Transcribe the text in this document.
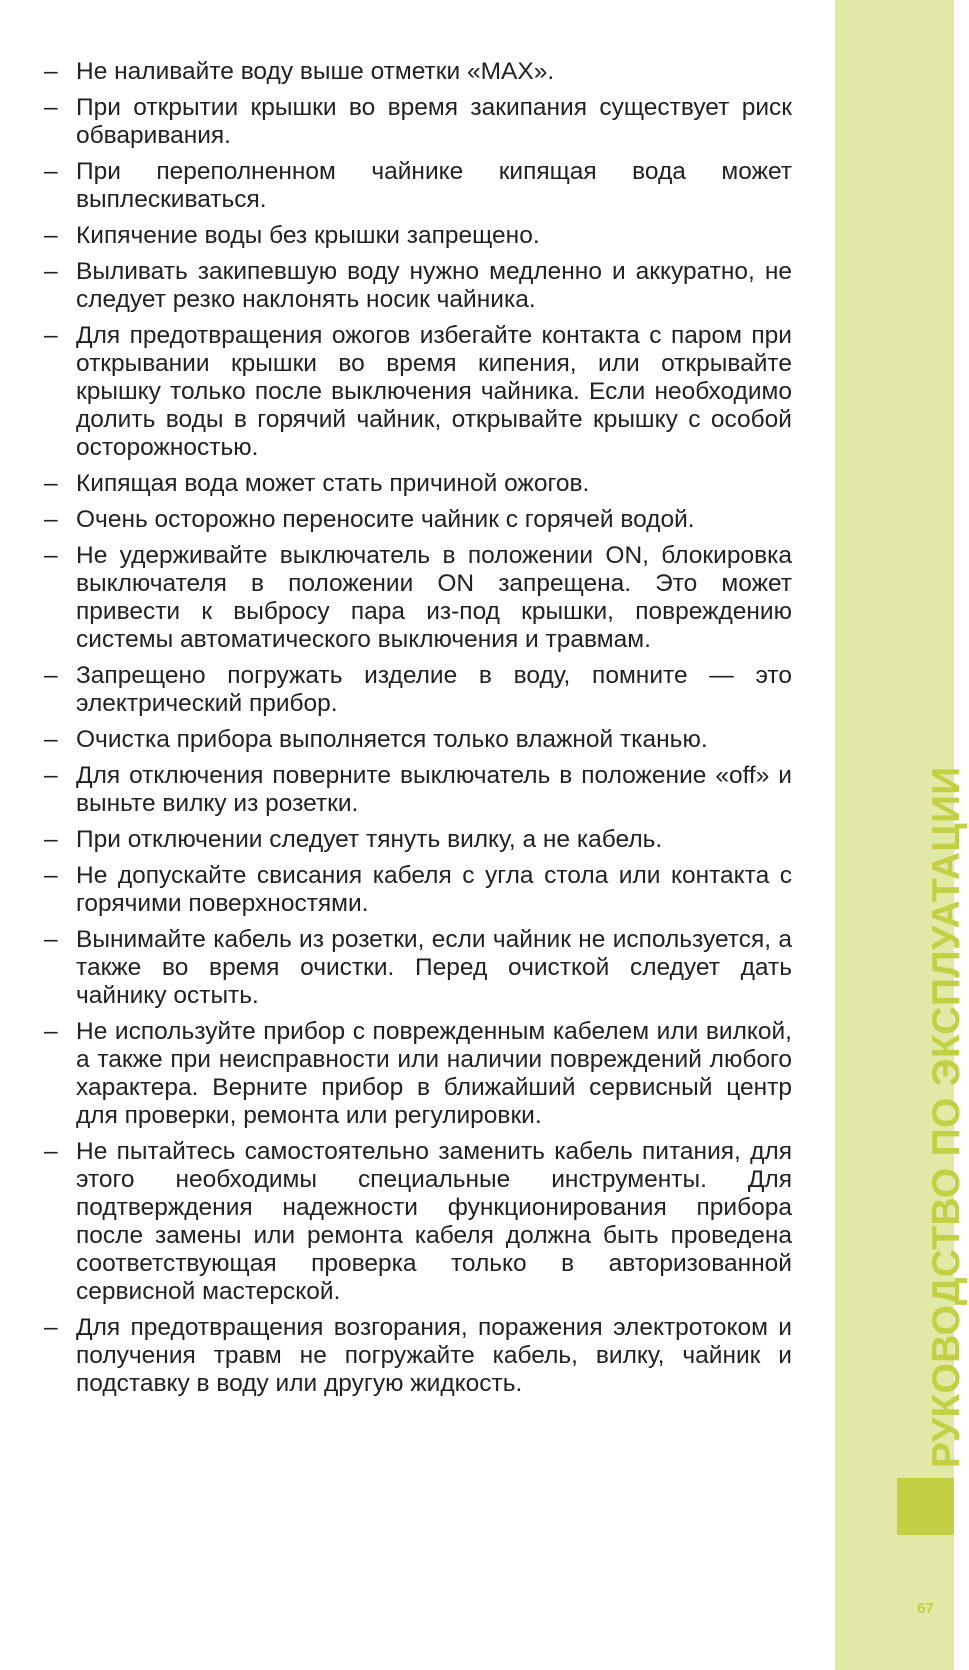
– Не наливайте воду выше отметки «MAX».
– При открытии крышки во время закипания существует риск обваривания.
– При переполненном чайнике кипящая вода может выплескиваться.
– Кипячение воды без крышки запрещено.
– Выливать закипевшую воду нужно медленно и аккуратно, не следует резко наклонять носик чайника.
– Для предотвращения ожогов избегайте контакта с паром при открывании крышки во время кипения, или открывайте крышку только после выключения чайника. Если необходимо долить воды в горячий чайник, открывайте крышку с особой осторожностью.
– Кипящая вода может стать причиной ожогов.
– Очень осторожно переносите чайник с горячей водой.
– Не удерживайте выключатель в положении ON, блокировка выключателя в положении ON запрещена. Это может привести к выбросу пара из-под крышки, повреждению системы автоматического выключения и травмам.
– Запрещено погружать изделие в воду, помните — это электрический прибор.
– Очистка прибора выполняется только влажной тканью.
– Для отключения поверните выключатель в положение «off» и выньте вилку из розетки.
– При отключении следует тянуть вилку, а не кабель.
– Не допускайте свисания кабеля с угла стола или контакта с горячими поверхностями.
– Вынимайте кабель из розетки, если чайник не используется, а также во время очистки. Перед очисткой следует дать чайнику остыть.
– Не используйте прибор с поврежденным кабелем или вилкой, а также при неисправности или наличии повреждений любого характера. Верните прибор в ближайший сервисный центр для проверки, ремонта или регулировки.
– Не пытайтесь самостоятельно заменить кабель питания, для этого необходимы специальные инструменты. Для подтверждения надежности функционирования прибора после замены или ремонта кабеля должна быть проведена соответствующая проверка только в авторизованной сервисной мастерской.
– Для предотвращения возгорания, поражения электротоком и получения травм не погружайте кабель, вилку, чайник и подставку в воду или другую жидкость.	РУКОВОДСТВО ПО ЭКСПЛУАТАЦИИ
67
